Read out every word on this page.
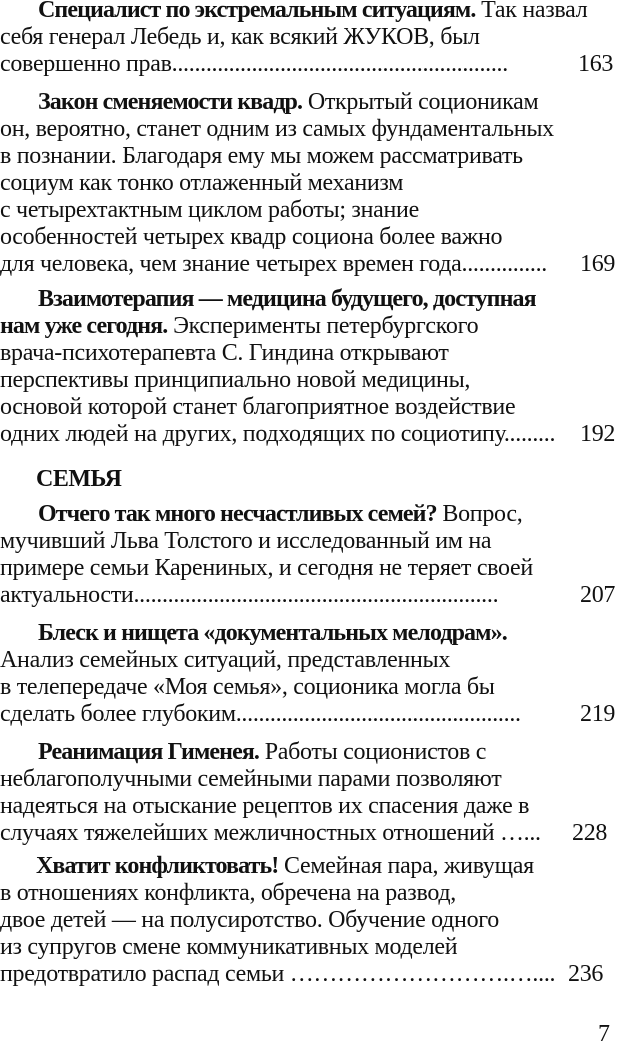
Специалист по экстремальным ситуациям. Так назвал
себя генерал Лебедь и, как всякий ЖУКОВ, был
совершенно прав...........................................................	163
Закон сменяемости квадр. Открытый соционикам
он, вероятно, станет одним из самых фундаментальных
в познании. Благодаря ему мы можем рассматривать
социум как тонко отлаженный механизм
с четырехтактным циклом работы; знание
особенностей четырех квадр социона более важно
для человека, чем знание четырех времен года............... 169
Взаимотерапия — медицина будущего, доступная
нам уже сегодня. Эксперименты петербургского
врача-психотерапевта С. Гиндина открывают
перспективы принципиально новой медицины,
основой которой станет благоприятное воздействие
одних людей на других, подходящих по социотипу......... 192
СЕМЬЯ
Отчего так много несчастливых семей? Вопрос,
мучивший Льва Толстого и исследованный им на
примере семьи Карениных, и сегодня не теряет своей
актуальности................................................................	207
Блеск и нищета «документальных мелодрам».
Анализ семейных ситуаций, представленных
в телепередаче «Моя семья», соционика могла бы
сделать более глубоким.................................................. 219
Реанимация Гименея. Работы соционистов с
неблагополучными семейными парами позволяют
надеяться на отыскание рецептов их спасения даже в
случаях тяжелейших межличностных отношений …... 228
Хватит конфликтовать! Семейная пара, живущая
в отношениях конфликта, обречена на развод,
двое детей — на полусиротство. Обучение одного
из супругов смене коммуникативных моделей
предотвратило распад семьи ……………………….….... 236
7
